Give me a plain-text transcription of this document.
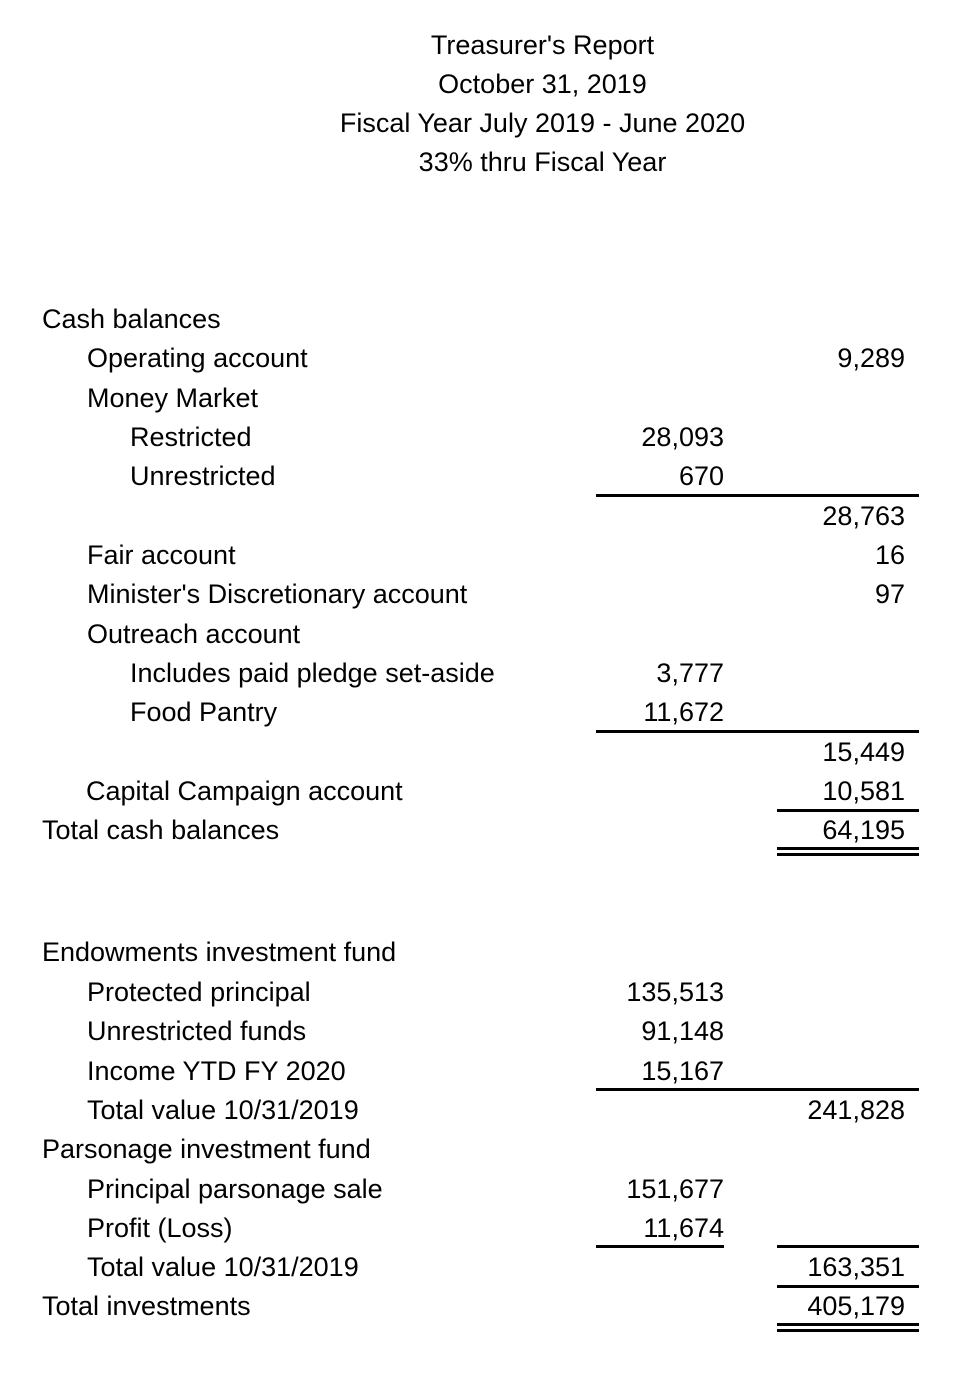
Treasurer's Report
October 31, 2019
Fiscal Year July 2019 - June 2020
33% thru Fiscal Year
Cash balances
Operating account	9,289
Money Market
Restricted	28,093
Unrestricted	670
28,763
Fair account	16
Minister's Discretionary account	97
Outreach account
Includes paid pledge set-aside	3,777
Food Pantry	11,672
15,449
Capital Campaign account	10,581
Total cash balances	64,195
Endowments investment fund
Protected principal	135,513
Unrestricted funds	91,148
Income YTD FY 2020	15,167
Total value 10/31/2019	241,828
Parsonage investment fund
Principal parsonage sale	151,677
Profit (Loss)	11,674
Total value 10/31/2019	163,351
Total investments	405,179
